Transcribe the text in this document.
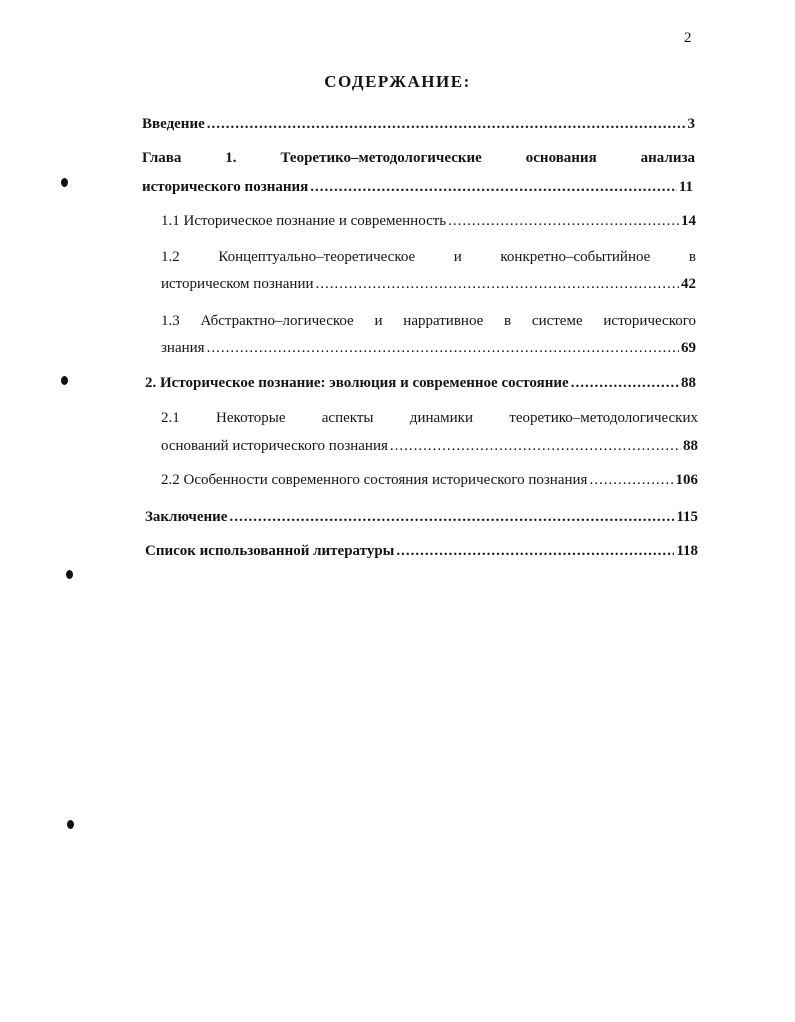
2
СОДЕРЖАНИЕ:
Введение .....	3
Глава 1. Теоретико–методологические основания анализа
исторического познания .....	11
1.1 Историческое познание и современность .....	14
1.2 Концептуально–теоретическое и конкретно–событийное в
историческом познании .....	42
1.3 Абстрактно–логическое и нарративное в системе исторического
знания .....	69
2. Историческое познание: эволюция и современное состояние .....	88
2.1 Некоторые аспекты динамики теоретико–методологических
оснований исторического познания .....	88
2.2 Особенности современного состояния исторического познания .....	106
Заключение .....	115
Список использованной литературы .....	118
